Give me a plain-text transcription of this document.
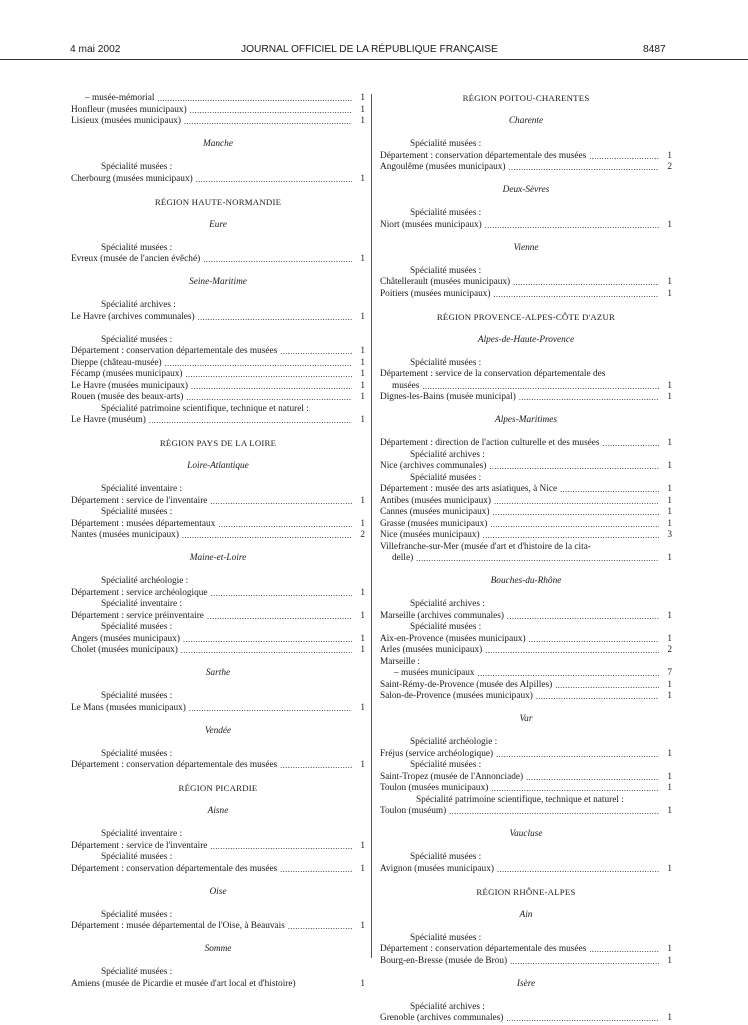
4 mai 2002	JOURNAL OFFICIEL DE LA RÉPUBLIQUE FRANÇAISE	8487
– musée-mémorial .....	1
Honfleur (musées municipaux) .....	1
Lisieux (musées municipaux) .....	1
Manche
Spécialité musées :
Cherbourg (musées municipaux) .....	1
RÉGION HAUTE-NORMANDIE
Eure
Spécialité musées :
Evreux (musée de l'ancien évêché) .....	1
Seine-Maritime
Spécialité archives :
Le Havre (archives communales) .....	1
Spécialité musées :
Département : conservation départementale des musées .....	1
Dieppe (château-musée) .....	1
Fécamp (musées municipaux) .....	1
Le Havre (musées municipaux) .....	1
Rouen (musée des beaux-arts) .....	1
Spécialité patrimoine scientifique, technique et naturel :
Le Havre (muséum) .....	1
RÉGION PAYS DE LA LOIRE
Loire-Atlantique
Spécialité inventaire :
Département : service de l'inventaire .....	1
Spécialité musées :
Département : musées départementaux .....	1
Nantes (musées municipaux) .....	2
Maine-et-Loire
Spécialité archéologie :
Département : service archéologique .....	1
Spécialité inventaire :
Département : service préinventaire .....	1
Spécialité musées :
Angers (musées municipaux) .....	1
Cholet (musées municipaux) .....	1
Sarthe
Spécialité musées :
Le Mans (musées municipaux) .....	1
Vendée
Spécialité musées :
Département : conservation départementale des musées .....	1
RÉGION PICARDIE
Aisne
Spécialité inventaire :
Département : service de l'inventaire .....	1
Spécialité musées :
Département : conservation départementale des musées .....	1
Oise
Spécialité musées :
Département : musée départemental de l'Oise, à Beauvais .....	1
Somme
Spécialité musées :
Amiens (musée de Picardie et musée d'art local et d'histoire)	1
RÉGION POITOU-CHARENTES
Charente
Spécialité musées :
Département : conservation départementale des musées .....	1
Angoulême (musées municipaux) .....	2
Deux-Sèvres
Spécialité musées :
Niort (musées municipaux) .....	1
Vienne
Spécialité musées :
Châtellerault (musées municipaux) .....	1
Poitiers (musées municipaux) .....	1
RÉGION PROVENCE-ALPES-CÔTE D'AZUR
Alpes-de-Haute-Provence
Spécialité musées :
Département : service de la conservation départementale des
musées .....	1
Dignes-les-Bains (musée municipal) .....	1
Alpes-Maritimes
Département : direction de l'action culturelle et des musées .....	1
Spécialité archives :
Nice (archives communales) .....	1
Spécialité musées :
Département : musée des arts asiatiques, à Nice .....	1
Antibes (musées municipaux) .....	1
Cannes (musées municipaux) .....	1
Grasse (musées municipaux) .....	1
Nice (musées municipaux) .....	3
Villefranche-sur-Mer (musée d'art et d'histoire de la cita-
delle) .....	1
Bouches-du-Rhône
Spécialité archives :
Marseille (archives communales) .....	1
Spécialité musées :
Aix-en-Provence (musées municipaux) .....	1
Arles (musées municipaux) .....	2
Marseille :
– musées municipaux .....	7
Saint-Rémy-de-Provence (musée des Alpilles) .....	1
Salon-de-Provence (musées municipaux) .....	1
Var
Spécialité archéologie :
Fréjus (service archéologique) .....	1
Spécialité musées :
Saint-Tropez (musée de l'Annonciade) .....	1
Toulon (musées municipaux) .....	1
Spécialité patrimoine scientifique, technique et naturel :
Toulon (muséum) .....	1
Vaucluse
Spécialité musées :
Avignon (musées municipaux) .....	1
RÉGION RHÔNE-ALPES
Ain
Spécialité musées :
Département : conservation départementale des musées .....	1
Bourg-en-Bresse (musée de Brou) .....	1
Isère
Spécialité archives :
Grenoble (archives communales) .....	1
